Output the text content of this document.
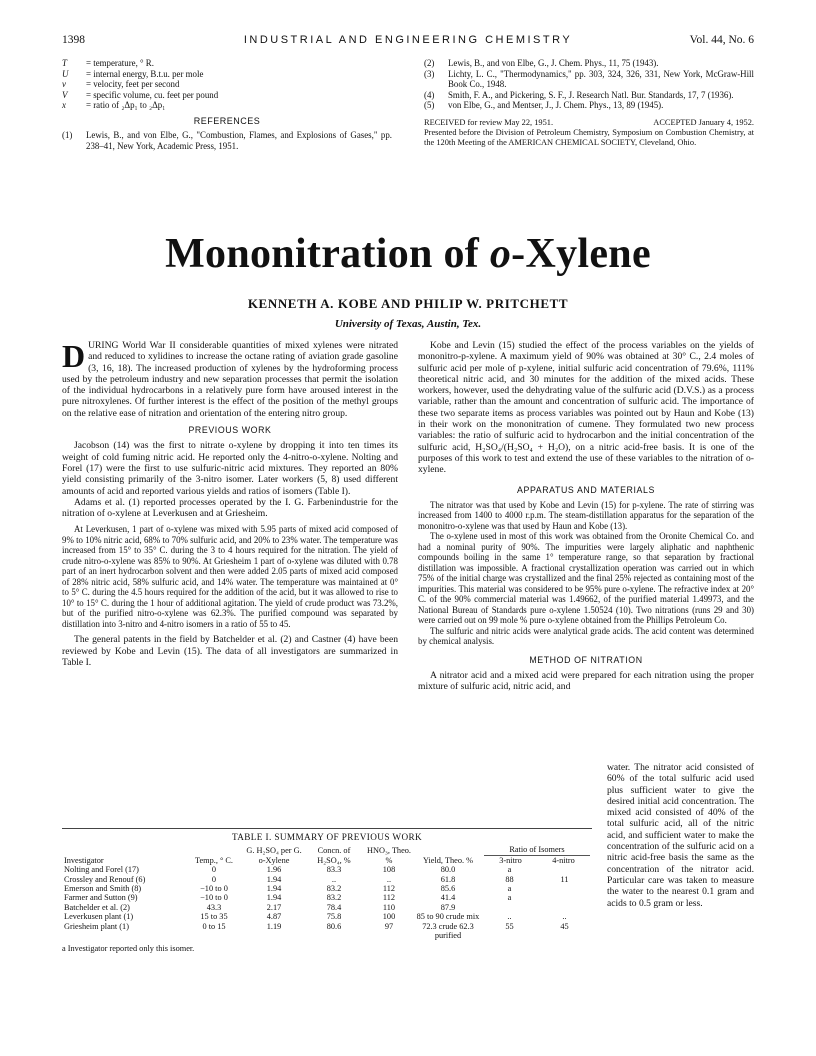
1398	INDUSTRIAL AND ENGINEERING CHEMISTRY	Vol. 44, No. 6
T = temperature, ° R.
U = internal energy, B.t.u. per mole
v = velocity, feet per second
V = specific volume, cu. feet per pound
x = ratio of ₂Δp₁ to ₂Δp₁
REFERENCES
(1) Lewis, B., and von Elbe, G., "Combustion, Flames, and Explosions of Gases," pp. 238–41, New York, Academic Press, 1951.
(2) Lewis, B., and von Elbe, G., J. Chem. Phys., 11, 75 (1943).
(3) Lichty, L. C., "Thermodynamics," pp. 303, 324, 326, 331, New York, McGraw-Hill Book Co., 1948.
(4) Smith, F. A., and Pickering, S. F., J. Research Natl. Bur. Standards, 17, 7 (1936).
(5) von Elbe, G., and Mentser, J., J. Chem. Phys., 13, 89 (1945).
RECEIVED for review May 22, 1951.	ACCEPTED January 4, 1952.
Presented before the Division of Petroleum Chemistry, Symposium on Combustion Chemistry, at the 120th Meeting of the AMERICAN CHEMICAL SOCIETY, Cleveland, Ohio.
Mononitration of o-Xylene
KENNETH A. KOBE AND PHILIP W. PRITCHETT
University of Texas, Austin, Tex.

DURING World War II considerable quantities of mixed xylenes were nitrated and reduced to xylidines to increase the octane rating of aviation grade gasoline (3, 16, 18). The increased production of xylenes by the hydroforming process used by the petroleum industry and new separation processes that permit the isolation of the individual hydrocarbons in a relatively pure form have aroused interest in the pure nitroxylenes. Of further interest is the effect of the position of the methyl groups on the relative ease of nitration and orientation of the entering nitro group.

PREVIOUS WORK

Jacobson (14) was the first to nitrate o-xylene by dropping it into ten times its weight of cold fuming nitric acid. He reported only the 4-nitro-o-xylene. Nolting and Forel (17) were the first to use sulfuric-nitric acid mixtures. They reported an 80% yield consisting primarily of the 3-nitro isomer. Later workers (5, 8) used different amounts of acid and reported various yields and ratios of isomers (Table I).

Adams et al. (1) reported processes operated by the I. G. Farbenindustrie for the nitration of o-xylene at Leverkusen and at Griesheim.

At Leverkusen, 1 part of o-xylene was mixed with 5.95 parts of mixed acid composed of 9% to 10% nitric acid, 68% to 70% sulfuric acid, and 20% to 23% water. The temperature was increased from 15° to 35° C. during the 3 to 4 hours required for the nitration. The yield of crude nitro-o-xylene was 85% to 90%. At Griesheim 1 part of o-xylene was diluted with 0.78 part of an inert hydrocarbon solvent and then were added 2.05 parts of mixed acid composed of 28% nitric acid, 58% sulfuric acid, and 14% water. The temperature was maintained at 0° to 5° C. during the 4.5 hours required for the addition of the acid, but it was allowed to rise to 10° to 15° C. during the 1 hour of additional agitation. The yield of crude product was 73.2%, but of the purified nitro-o-xylene was 62.3%. The purified compound was separated by distillation into 3-nitro and 4-nitro isomers in a ratio of 55 to 45.

The general patents in the field by Batchelder et al. (2) and Castner (4) have been reviewed by Kobe and Levin (15). The data of all investigators are summarized in Table I.

Kobe and Levin (15) studied the effect of the process variables on the yields of mononitro-p-xylene. A maximum yield of 90% was obtained at 30° C., 2.4 moles of sulfuric acid per mole of p-xylene, initial sulfuric acid concentration of 79.6%, 111% theoretical nitric acid, and 30 minutes for the addition of the mixed acids. These workers, however, used the dehydrating value of the sulfuric acid (D.V.S.) as a process variable, rather than the amount and concentration of sulfuric acid. The importance of these two separate items as process variables was pointed out by Haun and Kobe (13) in their work on the mononitration of cumene. They formulated two new process variables: the ratio of sulfuric acid to hydrocarbon and the initial concentration of the sulfuric acid, H₂SO₄/(H₂SO₄ + H₂O), on a nitric acid-free basis. It is one of the purposes of this work to test and extend the use of these variables to the nitration of o-xylene.

APPARATUS AND MATERIALS

The nitrator was that used by Kobe and Levin (15) for p-xylene. The rate of stirring was increased from 1400 to 4000 r.p.m. The steam-distillation apparatus for the separation of the mononitro-o-xylene was that used by Haun and Kobe (13).

The o-xylene used in most of this work was obtained from the Oronite Chemical Co. and had a nominal purity of 90%. The impurities were largely aliphatic and naphthenic compounds boiling in the same 1° temperature range, so that separation by fractional distillation was impossible. A fractional crystallization operation was carried out in which 75% of the initial charge was crystallized and the final 25% rejected as containing most of the impurities. This material was considered to be 95% pure o-xylene. The refractive index at 20° C. of the 90% commercial material was 1.49662, of the purified material 1.49973, and the National Bureau of Standards pure o-xylene 1.50524 (10). Two nitrations (runs 29 and 30) were carried out on 99 mole % pure o-xylene obtained from the Phillips Petroleum Co.

The sulfuric and nitric acids were analytical grade acids. The acid content was determined by chemical analysis.

METHOD OF NITRATION

A nitrator acid and a mixed acid were prepared for each nitration using the proper mixture of sulfuric acid, nitric acid, and

water. The nitrator acid consisted of 60% of the total sulfuric acid used plus sufficient water to give the desired initial acid concentration. The mixed acid consisted of 40% of the total sulfuric acid, all of the nitric acid, and sufficient water to make the concentration of the sulfuric acid on a nitric acid-free basis the same as the concentration of the nitrator acid. Particular care was taken to measure the water to the nearest 0.1 gram and acids to 0.5 gram or less.
TABLE I. SUMMARY OF PREVIOUS WORK
Investigator	Temp., ° C.	G. H₂SO₄ per G. o-Xylene	Concn. of H₂SO₄, %	HNO₃, Theo. %	Yield, Theo. %	Ratio of Isomers
3-nitro 4-nitro	

Nolting and Forel (17)	0	1.96	83.3	108	80.0	a	
Crossley and Renouf (6)	0	1.94	..	..	61.8	88	11
Emerson and Smith (8)	−10 to 0	1.94	83.2	112	85.6	a	
Farmer and Sutton (9)	−10 to 0	1.94	83.2	112	41.4	a	
Batchelder et al. (2)	43.3	2.17	78.4	110	87.9		
Leverkusen plant (1)	15 to 35	4.87	75.8	100	85 to 90 crude mix	..	..
Griesheim plant (1)	0 to 15	1.19	80.6	97	72.3 crude 62.3 purified	55	45
a Investigator reported only this isomer.
